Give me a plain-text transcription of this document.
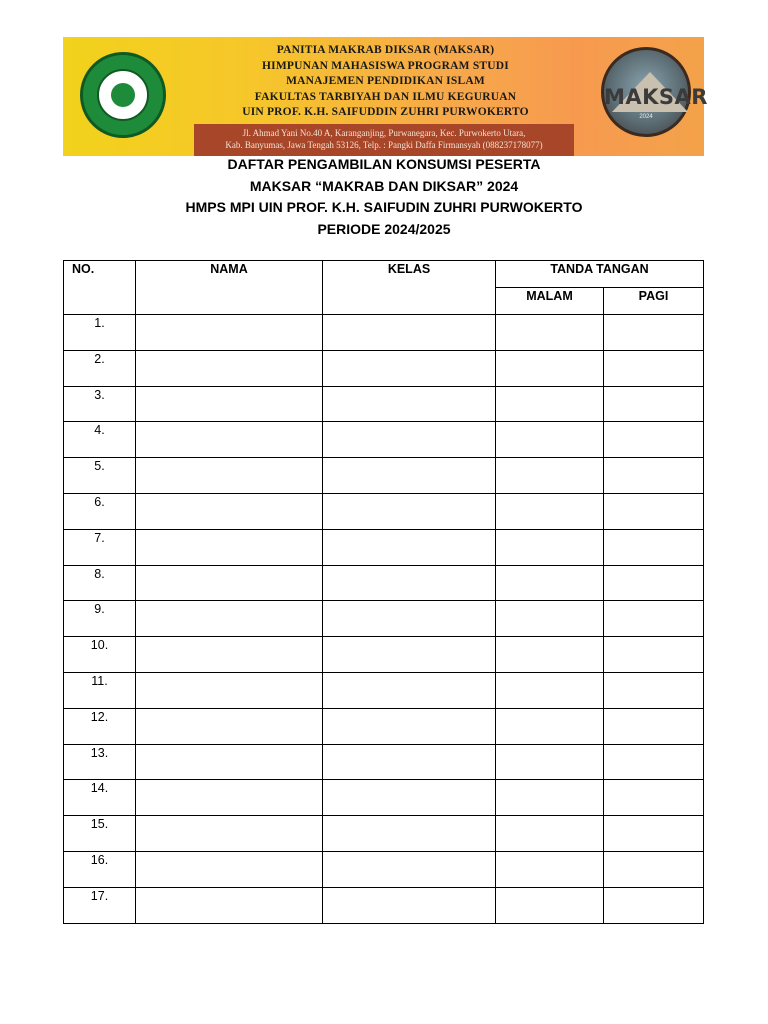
PANITIA MAKRAB DIKSAR (MAKSAR)
HIMPUNAN MAHASISWA PROGRAM STUDI
MANAJEMEN PENDIDIKAN ISLAM
FAKULTAS TARBIYAH DAN ILMU KEGURUAN
UIN PROF. K.H. SAIFUDDIN ZUHRI PURWOKERTO
Jl. Ahmad Yani No.40 A, Karanganjing, Purwanegara, Kec. Purwokerto Utara,
Kab. Banyumas, Jawa Tengah 53126, Telp. : Pangki Daffa Firmansyah (08823717807​7)
MAKSAR
2024
DAFTAR PENGAMBILAN KONSUMSI PESERTA
MAKSAR “MAKRAB DAN DIKSAR” 2024
HMPS MPI UIN PROF. K.H. SAIFUDIN ZUHRI PURWOKERTO
PERIODE 2024/2025
NO.	NAMA	KELAS	TANDA TANGAN	
			MALAM	PAGI
1.				
2.				
3.				
4.				
5.				
6.				
7.				
8.				
9.				
10.				
11.				
12.				
13.				
14.				
15.				
16.				
17.				
